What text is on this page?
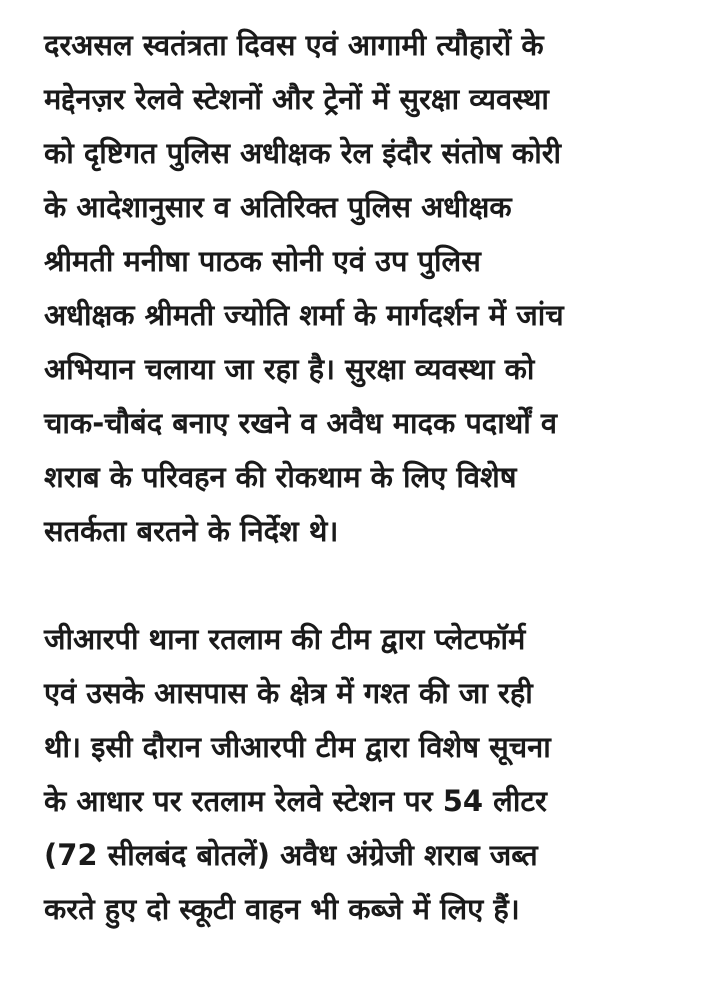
दरअसल स्वतंत्रता दिवस एवं आगामी त्यौहारों के
मद्देनज़र रेलवे स्टेशनों और ट्रेनों में सुरक्षा व्यवस्था
को दृष्टिगत पुलिस अधीक्षक रेल इंदौर संतोष कोरी
के आदेशानुसार व अतिरिक्त पुलिस अधीक्षक
श्रीमती मनीषा पाठक सोनी एवं उप पुलिस
अधीक्षक श्रीमती ज्योति शर्मा के मार्गदर्शन में जांच
अभियान चलाया जा रहा है। सुरक्षा व्यवस्था को
चाक-चौबंद बनाए रखने व अवैध मादक पदार्थों व
शराब के परिवहन की रोकथाम के लिए विशेष
सतर्कता बरतने के निर्देश थे।

जीआरपी थाना रतलाम की टीम द्वारा प्लेटफॉर्म
एवं उसके आसपास के क्षेत्र में गश्त की जा रही
थी। इसी दौरान जीआरपी टीम द्वारा विशेष सूचना
के आधार पर रतलाम रेलवे स्टेशन पर 54 लीटर
(72 सीलबंद बोतलें) अवैध अंग्रेजी शराब जब्त
करते हुए दो स्कूटी वाहन भी कब्जे में लिए हैं।
